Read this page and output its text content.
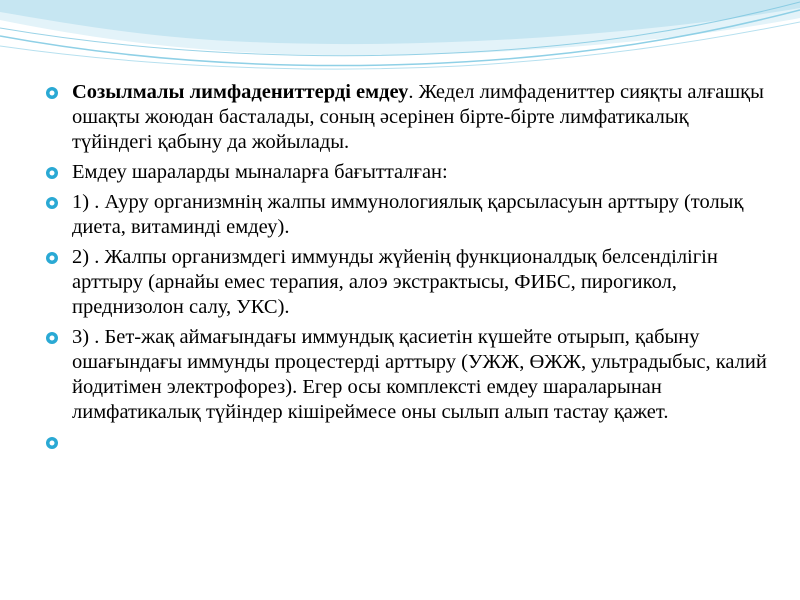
Созылмалы лимфадениттерді емдеу. Жедел лимфадениттер сияқты алғашқы ошақты жоюдан басталады, соның әсерінен бірте-бірте лимфатикалық түйіндегі қабыну да жойылады.
Емдеу шараларды мыналарға бағытталған:
1) . Ауру организмнің жалпы иммунологиялық қарсыласуын арттыру (толық диета, витаминді емдеу).
2) . Жалпы организмдегі иммунды жүйенің функционалдық белсенділігін арттыру (арнайы емес терапия, алоэ экстрактысы, ФИБС, пирогикол, преднизолон салу, УКС).
3) . Бет-жақ аймағындағы иммундық қасиетін күшейте отырып, қабыну ошағындағы иммунды процестерді арттыру (УЖЖ, ӨЖЖ, ультрадыбыс, калий йодитімен электрофорез). Егер осы комплексті емдеу шараларынан лимфатикалық түйіндер кішіреймесе оны сылып алып тастау қажет.
